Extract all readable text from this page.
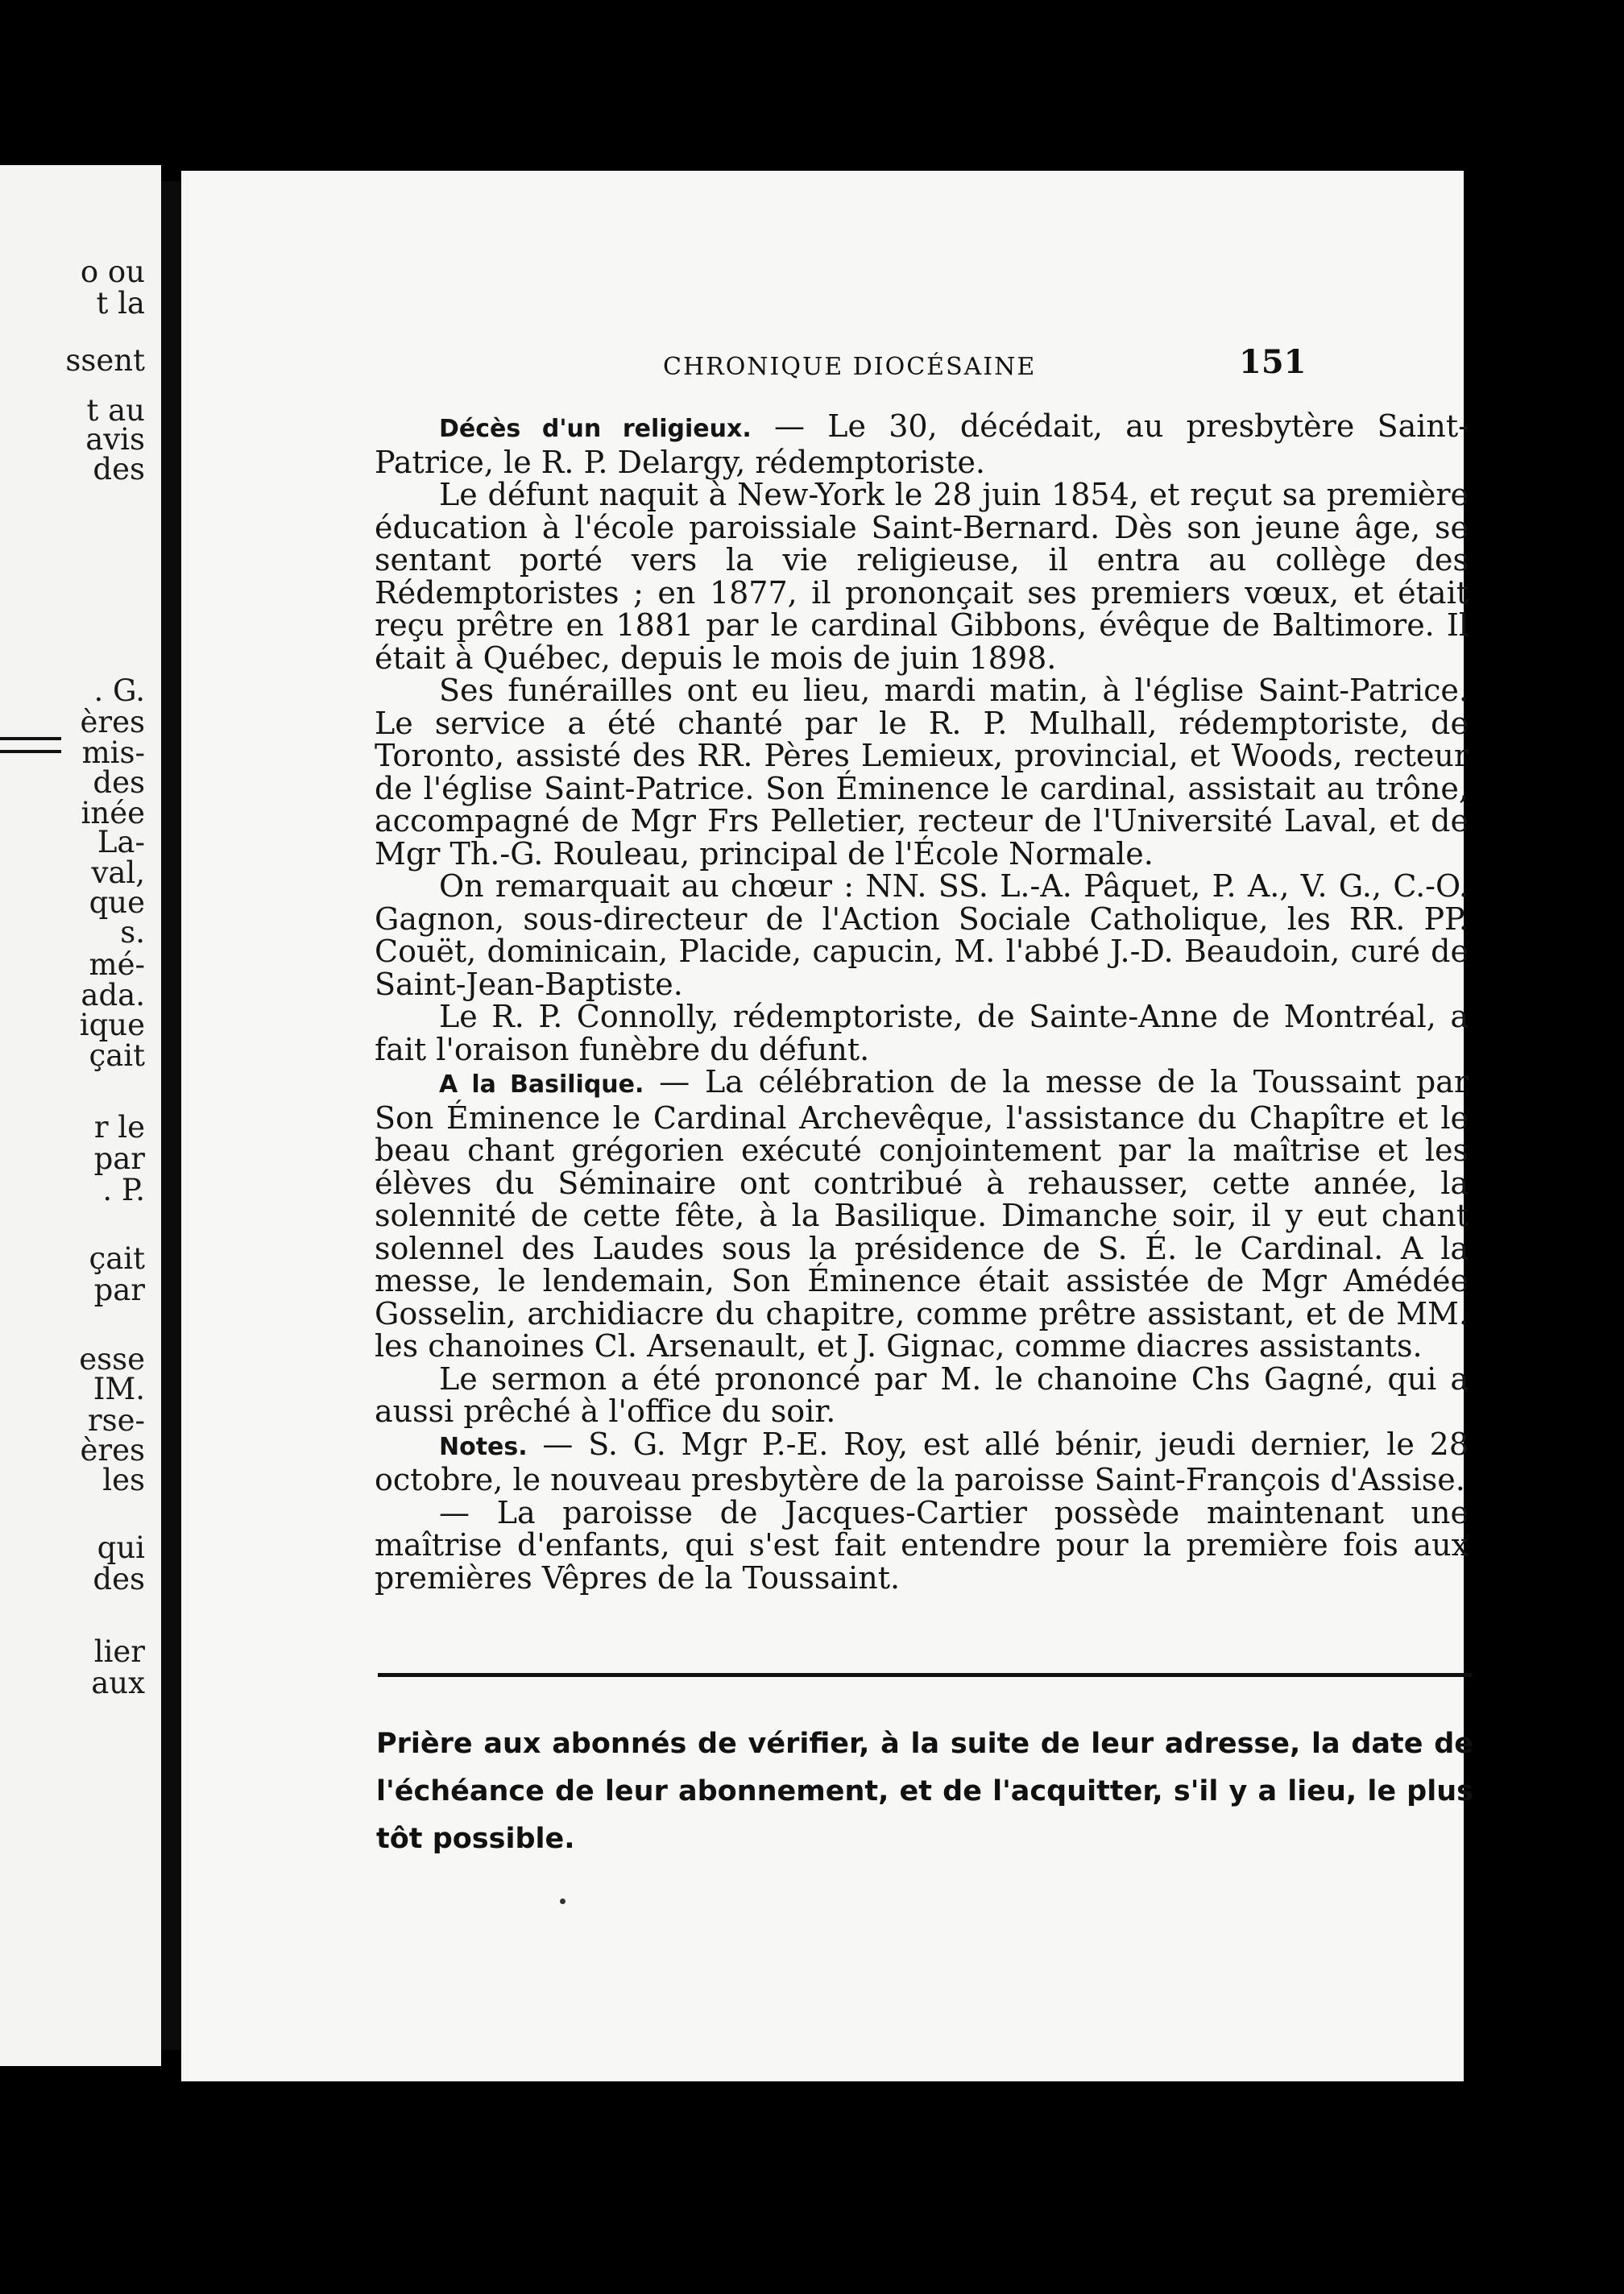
o ou
t la
ssent
t au
avis
des
. G.
ères
mis-
des
inée
La-
val,
que
s.
mé-
ada.
ique
çait
r le
par
. P.
çait
par
esse
IM.
rse-
ères
les
qui
des
lier
aux
CHRONIQUE DIOCÉSAINE	151

Décès d'un religieux. — Le 30, décédait, au presbytère Saint-Patrice, le R. P. Delargy, rédemptoriste.

Le défunt naquit à New-York le 28 juin 1854, et reçut sa première éducation à l'école paroissiale Saint-Bernard. Dès son jeune âge, se sentant porté vers la vie religieuse, il entra au collège des Rédemptoristes ; en 1877, il prononçait ses premiers vœux, et était reçu prêtre en 1881 par le cardinal Gibbons, évêque de Baltimore. Il était à Québec, depuis le mois de juin 1898.

Ses funérailles ont eu lieu, mardi matin, à l'église Saint-Patrice. Le service a été chanté par le R. P. Mulhall, rédemptoriste, de Toronto, assisté des RR. Pères Lemieux, provincial, et Woods, recteur de l'église Saint-Patrice. Son Éminence le cardinal, assistait au trône, accompagné de Mgr Frs Pelletier, recteur de l'Université Laval, et de Mgr Th.-G. Rouleau, principal de l'École Normale.

On remarquait au chœur : NN. SS. L.-A. Pâquet, P. A., V. G., C.-O. Gagnon, sous-directeur de l'Action Sociale Catholique, les RR. PP. Couët, dominicain, Placide, capucin, M. l'abbé J.-D. Beaudoin, curé de Saint-Jean-Baptiste.

Le R. P. Connolly, rédemptoriste, de Sainte-Anne de Montréal, a fait l'oraison funèbre du défunt.

A la Basilique. — La célébration de la messe de la Toussaint par Son Éminence le Cardinal Archevêque, l'assistance du Chapître et le beau chant grégorien exécuté conjointement par la maîtrise et les élèves du Séminaire ont contribué à rehausser, cette année, la solennité de cette fête, à la Basilique. Dimanche soir, il y eut chant solennel des Laudes sous la présidence de S. É. le Cardinal. A la messe, le lendemain, Son Éminence était assistée de Mgr Amédée Gosselin, archidiacre du chapitre, comme prêtre assistant, et de MM. les chanoines Cl. Arsenault, et J. Gignac, comme diacres assistants.

Le sermon a été prononcé par M. le chanoine Chs Gagné, qui a aussi prêché à l'office du soir.

Notes. — S. G. Mgr P.-E. Roy, est allé bénir, jeudi dernier, le 28 octobre, le nouveau presbytère de la paroisse Saint-François d'Assise.

— La paroisse de Jacques-Cartier possède maintenant une maîtrise d'enfants, qui s'est fait entendre pour la première fois aux premières Vêpres de la Toussaint.

Prière aux abonnés de vérifier, à la suite de leur adresse, la date de l'échéance de leur abonnement, et de l'acquitter, s'il y a lieu, le plus tôt possible.
